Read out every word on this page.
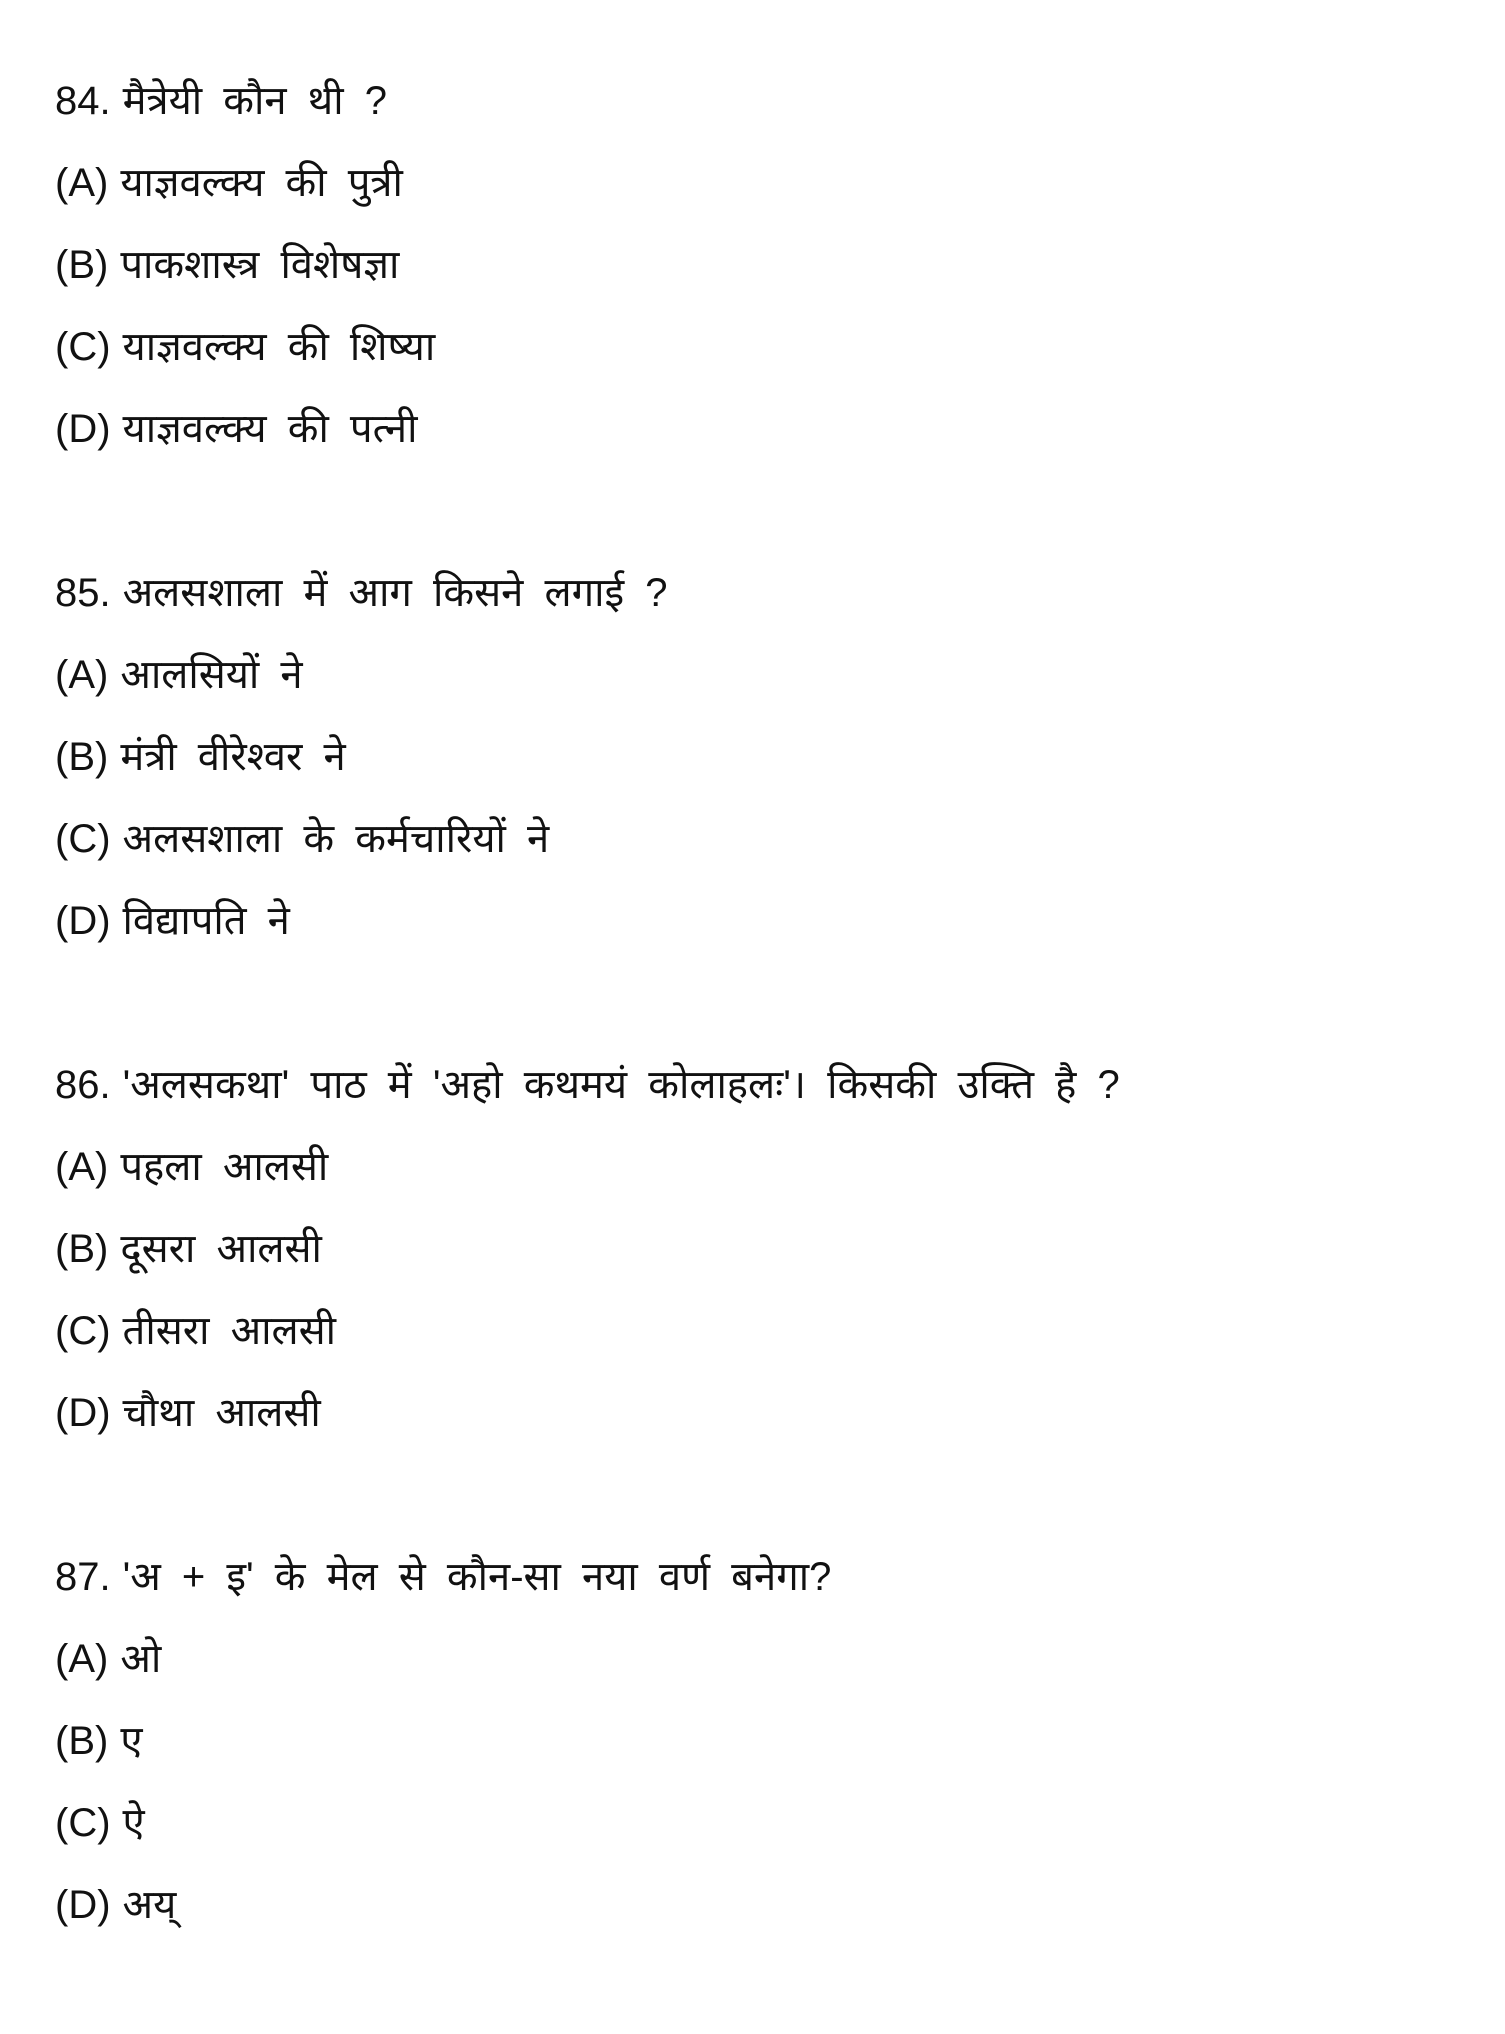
84. मैत्रेयी कौन थी ?
(A) याज्ञवल्क्य की पुत्री
(B) पाकशास्त्र विशेषज्ञा
(C) याज्ञवल्क्य की शिष्या
(D) याज्ञवल्क्य की पत्नी
85. अलसशाला में आग किसने लगाई ?
(A) आलसियों ने
(B) मंत्री वीरेश्वर ने
(C) अलसशाला के कर्मचारियों ने
(D) विद्यापति ने
86. 'अलसकथा' पाठ में 'अहो कथमयं कोलाहलः'। किसकी उक्ति है ?
(A) पहला आलसी
(B) दूसरा आलसी
(C) तीसरा आलसी
(D) चौथा आलसी
87. 'अ + इ' के मेल से कौन-सा नया वर्ण बनेगा?
(A) ओ
(B) ए
(C) ऐ
(D) अय्
